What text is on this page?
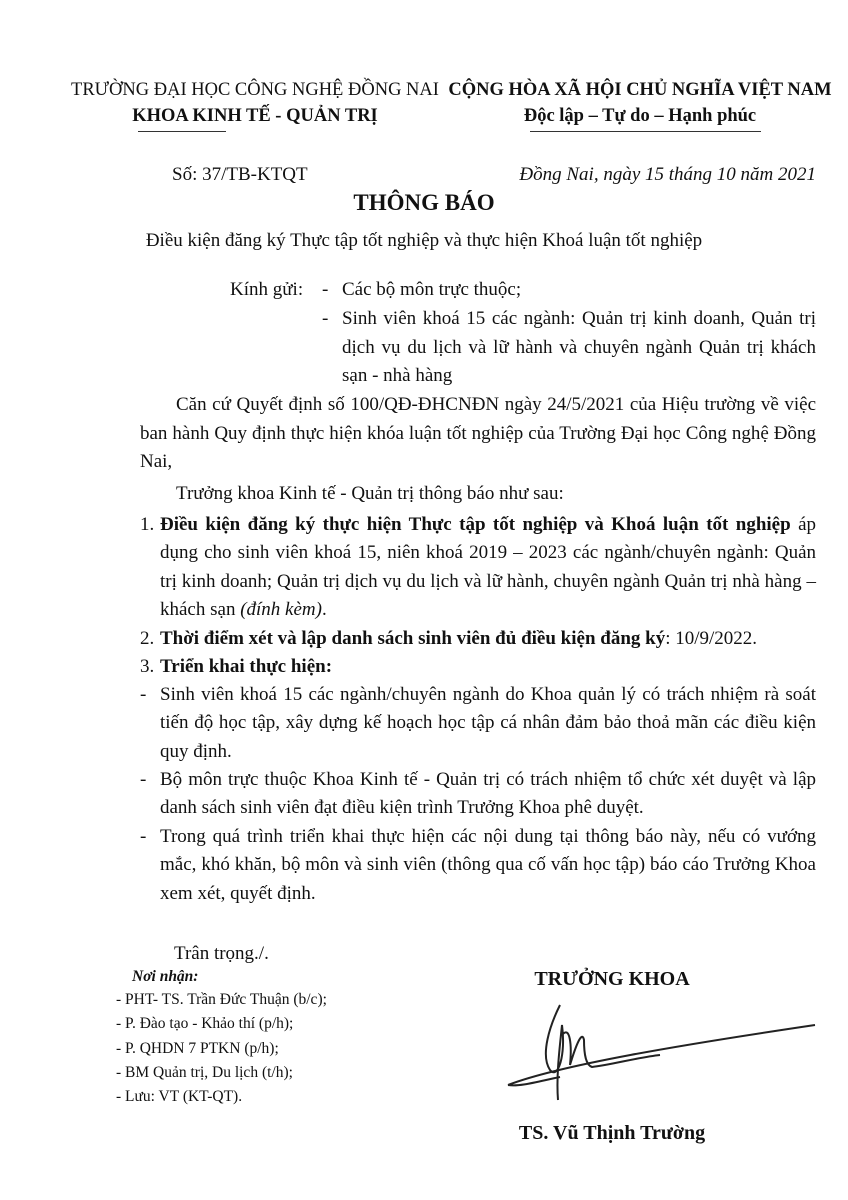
TRƯỜNG ĐẠI HỌC CÔNG NGHỆ ĐỒNG NAI
KHOA KINH TẾ - QUẢN TRỊ
CỘNG HÒA XÃ HỘI CHỦ NGHĨA VIỆT NAM
Độc lập – Tự do – Hạnh phúc
Số: 37/TB-KTQT	Đồng Nai, ngày 15 tháng 10 năm 2021
THÔNG BÁO
Điều kiện đăng ký Thực tập tốt nghiệp và thực hiện Khoá luận tốt nghiệp
Kính gửi: - Các bộ môn trực thuộc;
- Sinh viên khoá 15 các ngành: Quản trị kinh doanh, Quản trị dịch vụ du lịch và lữ hành và chuyên ngành Quản trị khách sạn - nhà hàng
Căn cứ Quyết định số 100/QĐ-ĐHCNĐN ngày 24/5/2021 của Hiệu trường về việc ban hành Quy định thực hiện khóa luận tốt nghiệp của Trường Đại học Công nghệ Đồng Nai,
Trưởng khoa Kinh tế - Quản trị thông báo như sau:
1. Điều kiện đăng ký thực hiện Thực tập tốt nghiệp và Khoá luận tốt nghiệp áp dụng cho sinh viên khoá 15, niên khoá 2019 – 2023 các ngành/chuyên ngành: Quản trị kinh doanh; Quản trị dịch vụ du lịch và lữ hành, chuyên ngành Quản trị nhà hàng – khách sạn (đính kèm).
2. Thời điểm xét và lập danh sách sinh viên đủ điều kiện đăng ký: 10/9/2022.
3. Triển khai thực hiện:
- Sinh viên khoá 15 các ngành/chuyên ngành do Khoa quản lý có trách nhiệm rà soát tiến độ học tập, xây dựng kế hoạch học tập cá nhân đảm bảo thoả mãn các điều kiện quy định.
- Bộ môn trực thuộc Khoa Kinh tế - Quản trị có trách nhiệm tổ chức xét duyệt và lập danh sách sinh viên đạt điều kiện trình Trưởng Khoa phê duyệt.
- Trong quá trình triển khai thực hiện các nội dung tại thông báo này, nếu có vướng mắc, khó khăn, bộ môn và sinh viên (thông qua cố vấn học tập) báo cáo Trưởng Khoa xem xét, quyết định.
Trân trọng./.
Nơi nhận:
- PHT- TS. Trần Đức Thuận (b/c);
- P. Đào tạo - Khảo thí (p/h);
- P. QHDN 7 PTKN (p/h);
- BM Quản trị, Du lịch (t/h);
- Lưu: VT (KT-QT).
TRƯỞNG KHOA
TS. Vũ Thịnh Trường
